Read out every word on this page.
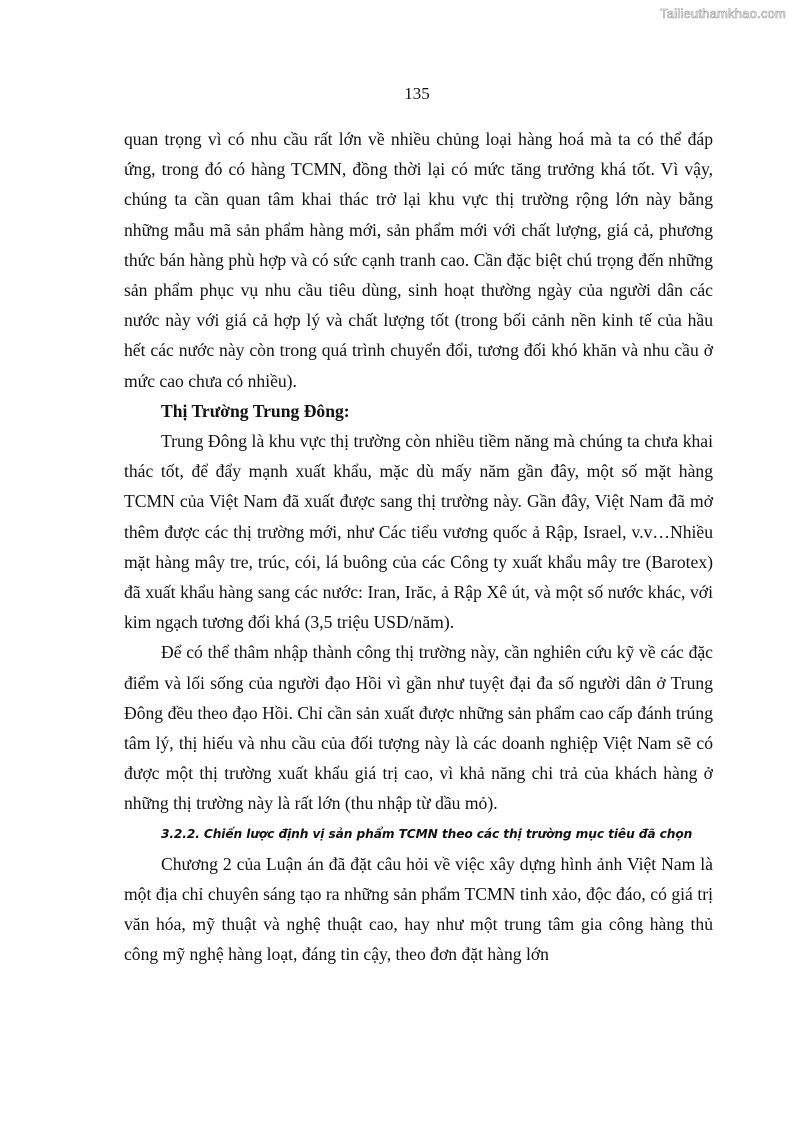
Tailieuthamkhao.com
135

quan trọng vì có nhu cầu rất lớn về nhiều chủng loại hàng hoá mà ta có thể đáp ứng, trong đó có hàng TCMN, đồng thời lại có mức tăng trưởng khá tốt. Vì vậy, chúng ta cần quan tâm khai thác trở lại khu vực thị trường rộng lớn này bằng những mẫu mã sản phẩm hàng mới, sản phẩm mới với chất lượng, giá cả, phương thức bán hàng phù hợp và có sức cạnh tranh cao. Cần đặc biệt chú trọng đến những sản phẩm phục vụ nhu cầu tiêu dùng, sinh hoạt thường ngày của người dân các nước này với giá cả hợp lý và chất lượng tốt (trong bối cảnh nền kinh tế của hầu hết các nước này còn trong quá trình chuyển đổi, tương đối khó khăn và nhu cầu ở mức cao chưa có nhiều).

Thị Trường Trung Đông:

Trung Đông là khu vực thị trường còn nhiều tiềm năng mà chúng ta chưa khai thác tốt, để đẩy mạnh xuất khẩu, mặc dù mấy năm gần đây, một số mặt hàng TCMN của Việt Nam đã xuất được sang thị trường này. Gần đây, Việt Nam đã mở thêm được các thị trường mới, như Các tiểu vương quốc ả Rập, Israel, v.v…Nhiều mặt hàng mây tre, trúc, cói, lá buông của các Công ty xuất khẩu mây tre (Barotex) đã xuất khẩu hàng sang các nước: Iran, Irăc, ả Rập Xê út, và một số nước khác, với kim ngạch tương đối khá (3,5 triệu USD/năm).

Để có thể thâm nhập thành công thị trường này, cần nghiên cứu kỹ về các đặc điểm và lối sống của người đạo Hồi vì gần như tuyệt đại đa số người dân ở Trung Đông đều theo đạo Hồi. Chỉ cần sản xuất được những sản phẩm cao cấp đánh trúng tâm lý, thị hiếu và nhu cầu của đối tượng này là các doanh nghiệp Việt Nam sẽ có được một thị trường xuất khẩu giá trị cao, vì khả năng chi trả của khách hàng ở những thị trường này là rất lớn (thu nhập từ dầu mỏ).

3.2.2. Chiến lược định vị sản phẩm TCMN theo các thị trường mục tiêu đã chọn

Chương 2 của Luận án đã đặt câu hỏi về việc xây dựng hình ảnh Việt Nam là một địa chỉ chuyên sáng tạo ra những sản phẩm TCMN tinh xảo, độc đáo, có giá trị văn hóa, mỹ thuật và nghệ thuật cao, hay như một trung tâm gia công hàng thủ công mỹ nghệ hàng loạt, đáng tin cậy, theo đơn đặt hàng lớn
